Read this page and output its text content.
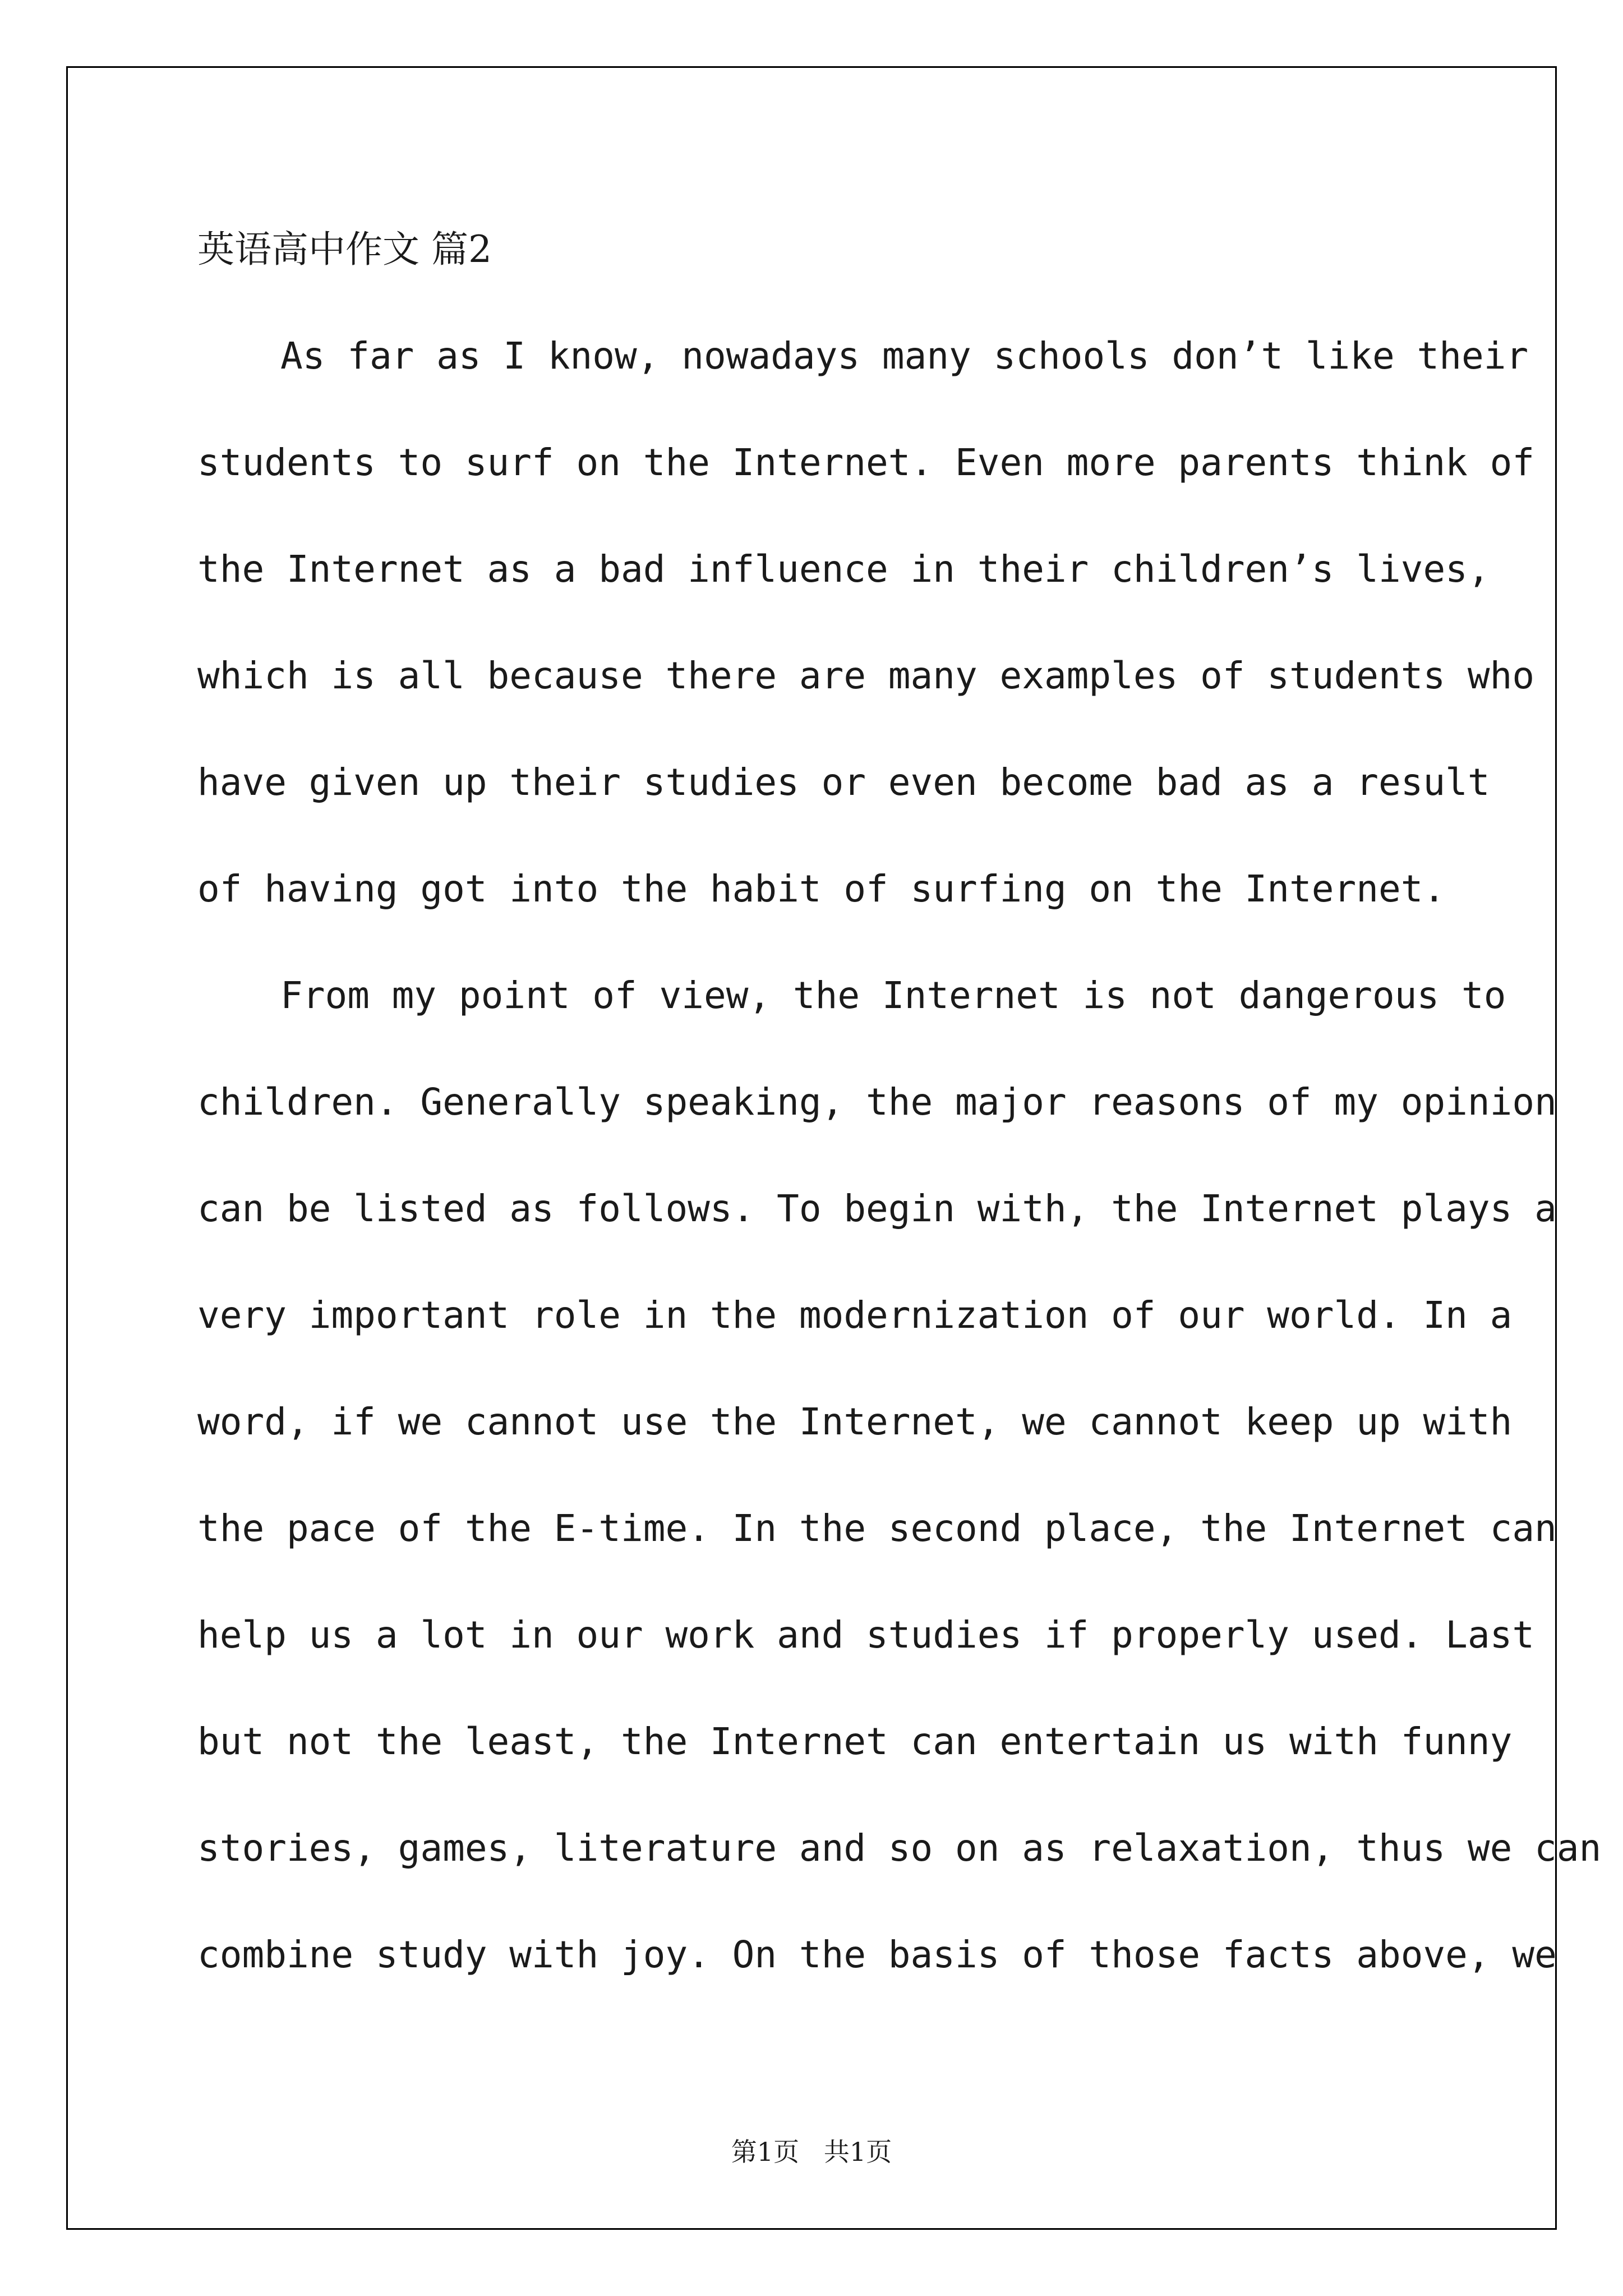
英语高中作文 篇2
As far as I know, nowadays many schools don’t like their
students to surf on the Internet. Even more parents think of
the Internet as a bad influence in their children’s lives,
which is all because there are many examples of students who
have given up their studies or even become bad as a result
of having got into the habit of surfing on the Internet.
From my point of view, the Internet is not dangerous to
children. Generally speaking, the major reasons of my opinion
can be listed as follows. To begin with, the Internet plays a
very important role in the modernization of our world. In a
word, if we cannot use the Internet, we cannot keep up with
the pace of the E-time. In the second place, the Internet can
help us a lot in our work and studies if properly used. Last
but not the least, the Internet can entertain us with funny
stories, games, literature and so on as relaxation, thus we can
combine study with joy. On the basis of those facts above, we
第1页   共1页
